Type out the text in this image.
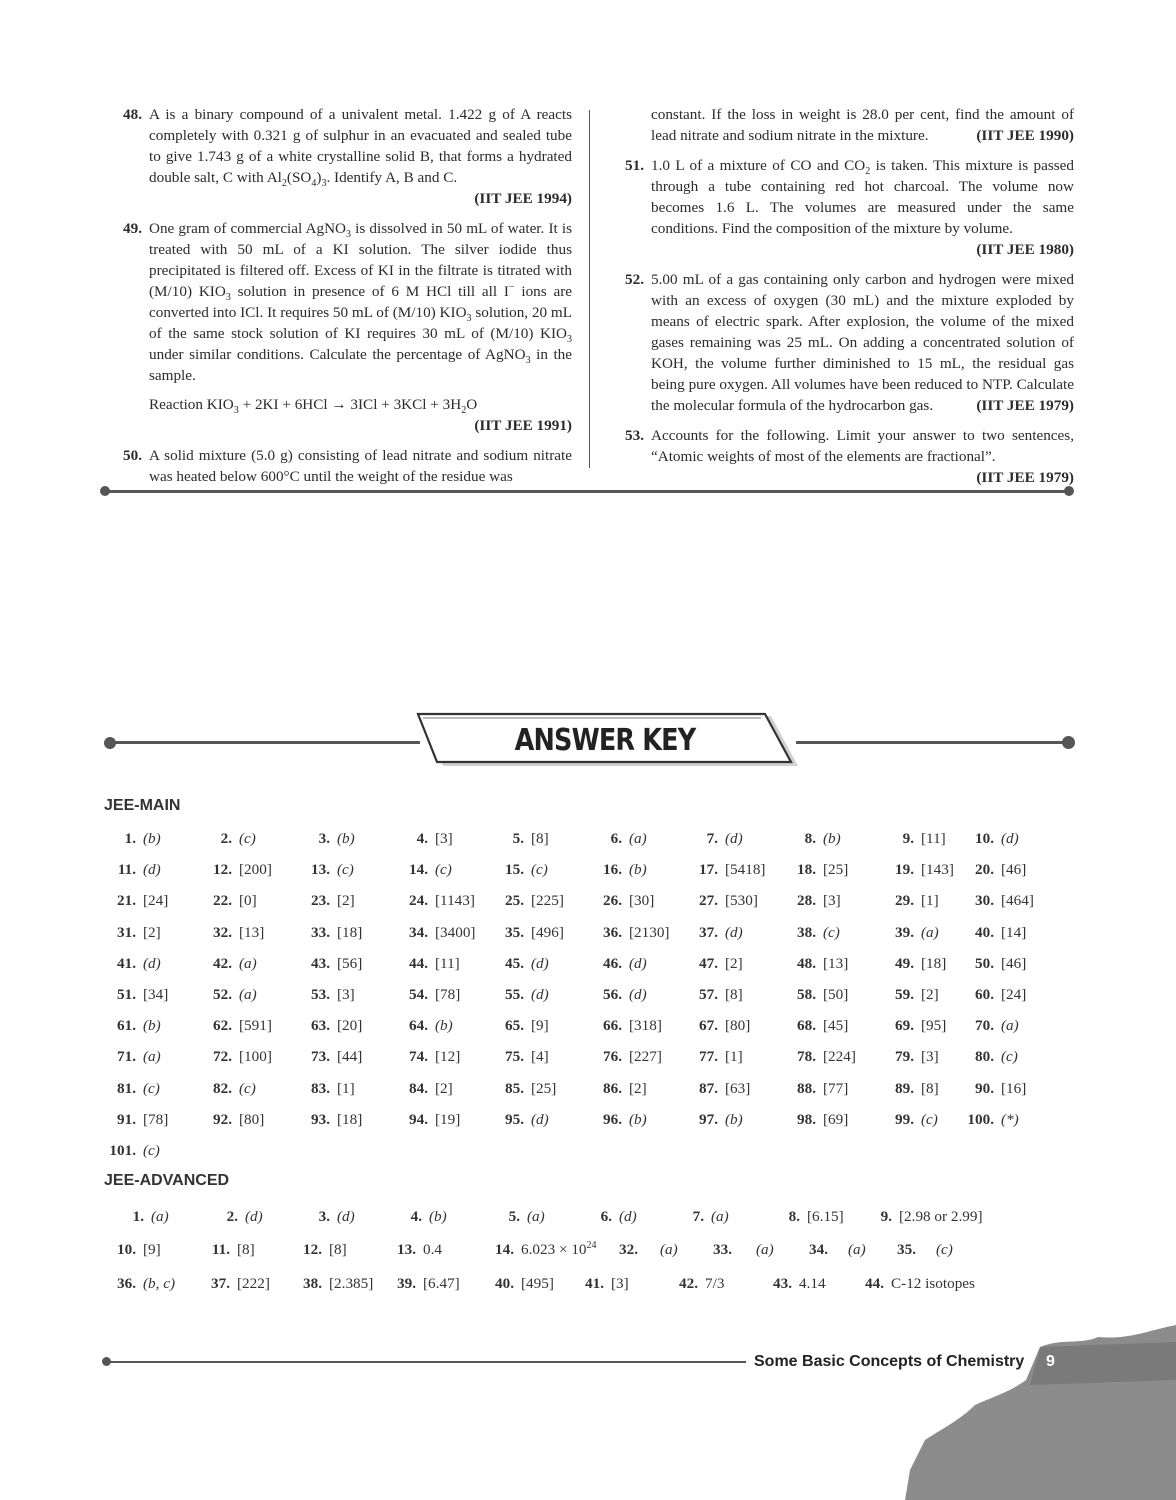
48. A is a binary compound of a univalent metal. 1.422 g of A reacts completely with 0.321 g of sulphur in an evacuated and sealed tube to give 1.743 g of a white crystalline solid B, that forms a hydrated double salt, C with $Al_2(SO_4)_3$. Identify A, B and C.

(IIT JEE 1994)
49. One gram of commercial AgNO$_3$ is dissolved in 50 mL of water. It is treated with 50 mL of a KI solution. The silver iodide thus precipitated is filtered off. Excess of KI in the filtrate is titrated with (M/10) $KIO_3$ solution in presence of 6 M HCl till all I− ions are converted into ICl. It requires 50 mL of (M/10) $KIO_3$ solution, 20 mL of the same stock solution of KI requires 30 mL of (M/10) $KIO_3$ under similar conditions. Calculate the percentage of AgNO$_3$ in the sample.

Reaction $KIO_3 + 2KI + 6HCl \to 3ICl + 3KCl + 3H_2O$

(IIT JEE 1991)
50. A solid mixture (5.0 g) consisting of lead nitrate and sodium nitrate was heated below 600°C until the weight of the residue was

constant. If the loss in weight is 28.0 per cent, find the amount of lead nitrate and sodium nitrate in the mixture.	(IIT JEE 1990)

51. 1.0 L of a mixture of CO and $CO_2$ is taken. This mixture is passed through a tube containing red hot charcoal. The volume now becomes 1.6 L. The volumes are measured under the same conditions. Find the composition of the mixture by volume.

(IIT JEE 1980)
52. 5.00 mL of a gas containing only carbon and hydrogen were mixed with an excess of oxygen (30 mL) and the mixture exploded by means of electric spark. After explosion, the volume of the mixed gases remaining was 25 mL. On adding a concentrated solution of KOH, the volume further diminished to 15 mL, the residual gas being pure oxygen. All volumes have been reduced to NTP. Calculate the molecular formula of the hydrocarbon gas.	(IIT JEE 1979)

53. Accounts for the following. Limit your answer to two sentences, “Atomic weights of most of the elements are fractional”.

(IIT JEE 1979)
ANSWER KEY
JEE-MAIN
1. (b)	2. (c)	3. (b)	4. [3]	5. [8]	6. (a)	7. (d)	8. (b)	9. [11]	10. (d)
11. (d)	12. [200]	13. (c)	14. (c)	15. (c)	16. (b)	17. [5418]	18. [25]	19. [143]	20. [46]
21. [24]	22. [0]	23. [2]	24. [1143]	25. [225]	26. [30]	27. [530]	28. [3]	29. [1]	30. [464]
31. [2]	32. [13]	33. [18]	34. [3400]	35. [496]	36. [2130]	37. (d)	38. (c)	39. (a)	40. [14]
41. (d)	42. (a)	43. [56]	44. [11]	45. (d)	46. (d)	47. [2]	48. [13]	49. [18]	50. [46]
51. [34]	52. (a)	53. [3]	54. [78]	55. (d)	56. (d)	57. [8]	58. [50]	59. [2]	60. [24]
61. (b)	62. [591]	63. [20]	64. (b)	65. [9]	66. [318]	67. [80]	68. [45]	69. [95]	70. (a)
71. (a)	72. [100]	73. [44]	74. [12]	75. [4]	76. [227]	77. [1]	78. [224]	79. [3]	80. (c)
81. (c)	82. (c)	83. [1]	84. [2]	85. [25]	86. [2]	87. [63]	88. [77]	89. [8]	90. [16]
91. [78]	92. [80]	93. [18]	94. [19]	95. (d)	96. (b)	97. (b)	98. [69]	99. (c)	100. (*)
101. (c)
JEE-ADVANCED
1. (a)	2. (d)	3. (d)	4. (b)	5. (a)	6. (d)	7. (a)	8. [6.15]	9. [2.98 or 2.99]
10. [9]	11. [8]	12. [8]	13. 0.4	14. $6.023 \times 10^{24}$	32.	(a)	33.	(a)	34.	(a)	35.	(c)
36. (b, c)	37. [222]	38. [2.385]	39. [6.47]	40. [495]	41. [3]	42. 7/3	43. 4.14	44. C-12 isotopes
Some Basic Concepts of Chemistry 9
